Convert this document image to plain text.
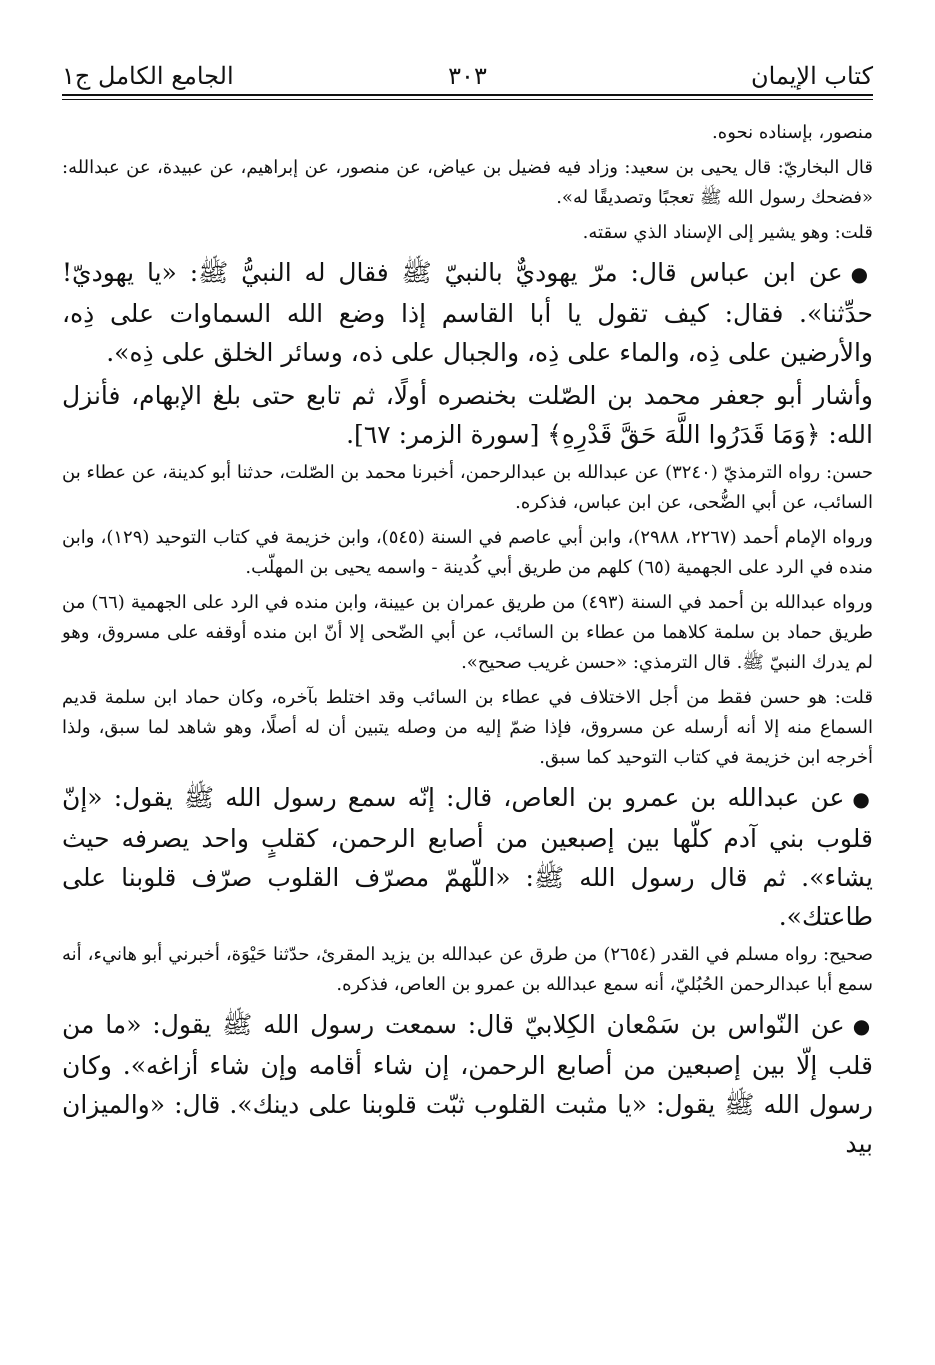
كتاب الإيمان
٣٠٣
الجامع الكامل ج١

منصور، بإسناده نحوه.

قال البخاريّ: قال يحيى بن سعيد: وزاد فيه فضيل بن عياض، عن منصور، عن إبراهيم، عن عبيدة، عن عبدالله: «فضحك رسول الله ﷺ تعجبًا وتصديقًا له».

قلت: وهو يشير إلى الإسناد الذي سقته.

●عن ابن عباس قال: مرّ يهوديٌّ بالنبيّ ﷺ فقال له النبيُّ ﷺ: «يا يهوديّ! حدِّثنا». فقال: كيف تقول يا أبا القاسم إذا وضع الله السماوات على ذِه، والأرضين على ذِه، والماء على ذِه، والجبال على ذه، وسائر الخلق على ذِه».

وأشار أبو جعفر محمد بن الصّلت بخنصره أولًا، ثم تابع حتى بلغ الإبهام، فأنزل الله: ﴿وَمَا قَدَرُوا اللَّهَ حَقَّ قَدْرِهِ﴾ [سورة الزمر: ٦٧].

حسن: رواه الترمذيّ (٣٢٤٠) عن عبدالله بن عبدالرحمن، أخبرنا محمد بن الصّلت، حدثنا أبو كدينة، عن عطاء بن السائب، عن أبي الضُّحى، عن ابن عباس، فذكره.

ورواه الإمام أحمد (٢٢٦٧، ٢٩٨٨)، وابن أبي عاصم في السنة (٥٤٥)، وابن خزيمة في كتاب التوحيد (١٢٩)، وابن منده في الرد على الجهمية (٦٥) كلهم من طريق أبي كُدينة - واسمه يحيى بن المهلّب.

ورواه عبدالله بن أحمد في السنة (٤٩٣) من طريق عمران بن عيينة، وابن منده في الرد على الجهمية (٦٦) من طريق حماد بن سلمة كلاهما من عطاء بن السائب، عن أبي الضّحى إلا أنّ ابن منده أوقفه على مسروق، وهو لم يدرك النبيّ ﷺ. قال الترمذي: «حسن غريب صحيح».

قلت: هو حسن فقط من أجل الاختلاف في عطاء بن السائب وقد اختلط بآخره، وكان حماد ابن سلمة قديم السماع منه إلا أنه أرسله عن مسروق، فإذا ضمّ إليه من وصله يتبين أن له أصلًا، وهو شاهد لما سبق، ولذا أخرجه ابن خزيمة في كتاب التوحيد كما سبق.

●عن عبدالله بن عمرو بن العاص، قال: إنّه سمع رسول الله ﷺ يقول: «إنّ قلوب بني آدم كلّها بين إصبعين من أصابع الرحمن، كقلبٍ واحد يصرفه حيث يشاء». ثم قال رسول الله ﷺ: «اللّهمّ مصرّف القلوب صرّف قلوبنا على طاعتك».

صحيح: رواه مسلم في القدر (٢٦٥٤) من طرق عن عبدالله بن يزيد المقرئ، حدّثنا حَيْوَة، أخبرني أبو هانيء، أنه سمع أبا عبدالرحمن الحُبُليّ، أنه سمع عبدالله بن عمرو بن العاص، فذكره.

●عن النّواس بن سَمْعان الكِلابيّ قال: سمعت رسول الله ﷺ يقول: «ما من قلب إلّا بين إصبعين من أصابع الرحمن، إن شاء أقامه وإن شاء أزاغه». وكان رسول الله ﷺ يقول: «يا مثبت القلوب ثبّت قلوبنا على دينك». قال: «والميزان بيد
